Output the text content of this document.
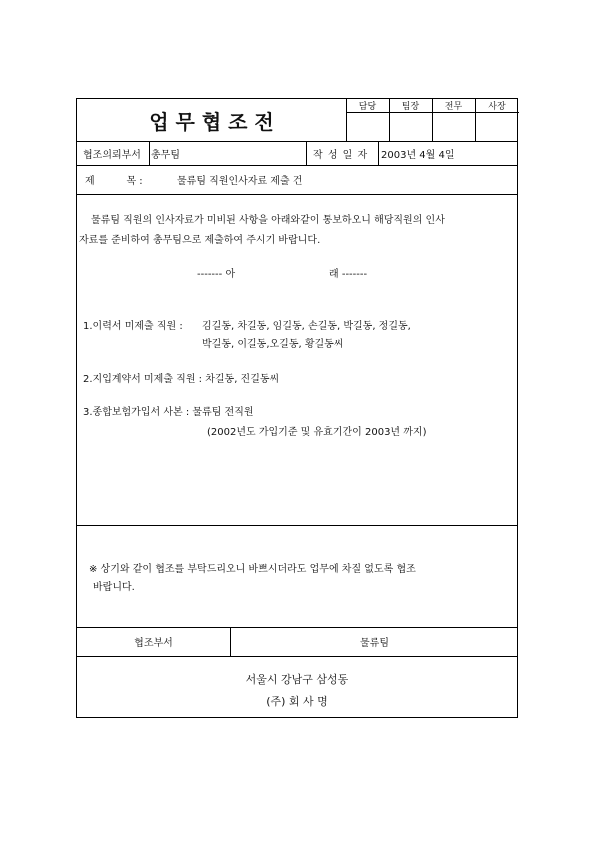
업 무 협 조 전
담당	팀장	전무	사장
협조의뢰부서 총무팀	작 성 일 자 2003년 4월 4일
제          목 :	물류팀 직원인사자료 제출 건
물류팀 직원의 인사자료가 미비된 사항을 아래와같이 통보하오니 해당직원의 인사
자료를 준비하여 총무팀으로 제출하여 주시기 바랍니다.
------- 아	래 -------
1.이력서 미제출 직원 : 김길동, 차길동, 임길동, 손길동, 박길동, 정길동,
박길동, 이길동,오길동, 황길동씨
2.지입계약서 미제출 직원 : 차길동, 진길동씨
3.종합보험가입서 사본 : 물류팀 전직원
(2002년도 가입기준 및 유효기간이 2003년 까지)
※ 상기와 같이 협조를 부탁드리오니 바쁘시더라도 업무에 차질 없도록 협조
바랍니다.
협조부서	물류팀
서울시 강남구 삼성동
(주) 회 사 명
